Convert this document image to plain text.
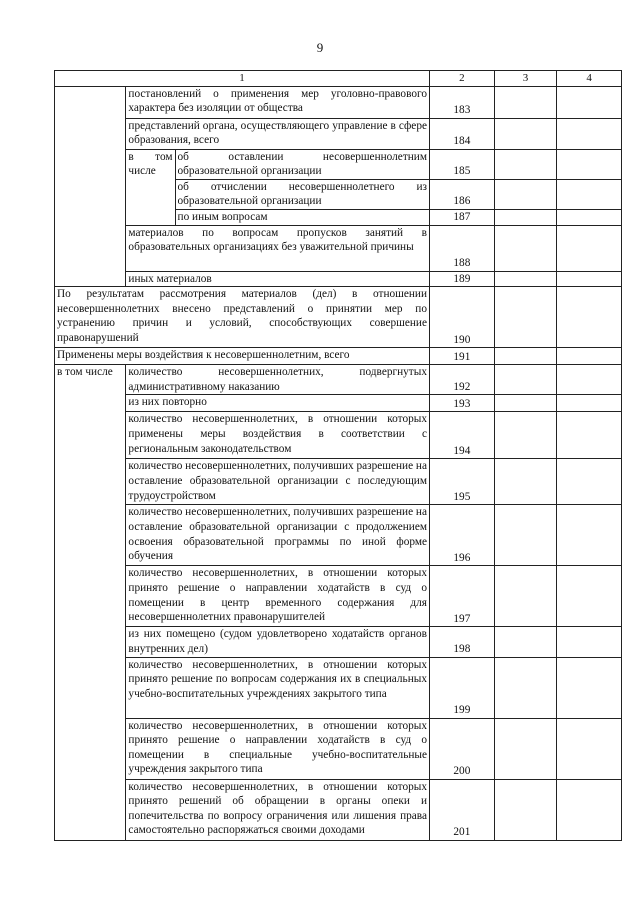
9
1			2	3	4
	постановлений о применения мер уголовно-правового характера без изоляции от общества		183		
	представлений органа, осуществляющего управление в сфере образования, всего		184		
	в том числе	об оставлении несовершеннолетним образовательной организации	185		
		об отчислении несовершеннолетнего из образовательной организации	186		
		по иным вопросам	187		
	материалов по вопросам пропусков занятий в образовательных организациях без уважительной причины		188		
	иных материалов		189		
По результатам рассмотрения материалов (дел) в отношении несовершеннолетних внесено представлений о принятии мер по устранению причин и условий, способствующих совершение правонарушений			190		
Применены меры воздействия к несовершеннолетним, всего			191		
в том числе	количество несовершеннолетних, подвергнутых административному наказанию		192		
	из них повторно		193		
	количество несовершеннолетних, в отношении которых применены меры воздействия в соответствии с региональным законодательством		194		
	количество несовершеннолетних, получивших разрешение на оставление образовательной организации с последующим трудоустройством		195		
	количество несовершеннолетних, получивших разрешение на оставление образовательной организации с продолжением освоения образовательной программы по иной форме обучения		196		
	количество несовершеннолетних, в отношении которых принято решение о направлении ходатайств в суд о помещении в центр временного содержания для несовершеннолетних правонарушителей		197		
	из них помещено (судом удовлетворено ходатайств органов внутренних дел)		198		
	количество несовершеннолетних, в отношении которых принято решение по вопросам содержания их в специальных учебно-воспитательных учреждениях закрытого типа		199		
	количество несовершеннолетних, в отношении которых принято решение о направлении ходатайств в суд о помещении в специальные учебно-воспитательные учреждения закрытого типа		200		
	количество несовершеннолетних, в отношении которых принято решений об обращении в органы опеки и попечительства по вопросу ограничения или лишения права самостоятельно распоряжаться своими доходами		201		
